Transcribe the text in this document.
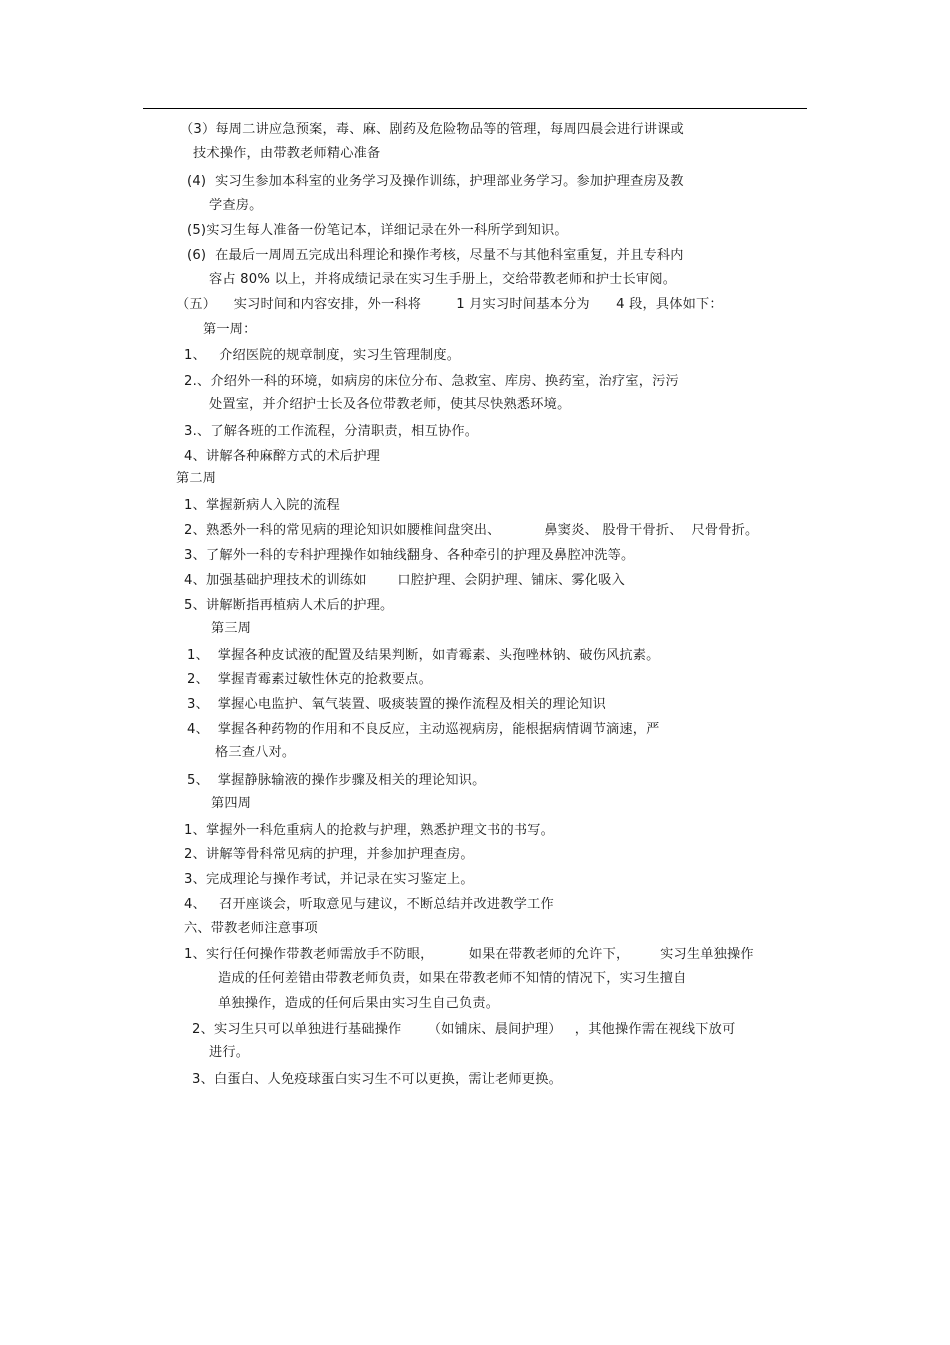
（3）每周二讲应急预案，毒、麻、剧药及危险物品等的管理，每周四晨会进行讲课或
技术操作，由带教老师精心准备
(4)  实习生参加本科室的业务学习及操作训练，护理部业务学习。参加护理查房及教
学查房。
(5)实习生每人准备一份笔记本，详细记录在外一科所学到知识。
(6)  在最后一周周五完成出科理论和操作考核，尽量不与其他科室重复，并且专科内
容占 80% 以上，并将成绩记录在实习生手册上，交给带教老师和护士长审阅。
（五）    实习时间和内容安排，外一科将        1 月实习时间基本分为      4 段，具体如下：
第一周：
1、   介绍医院的规章制度，实习生管理制度。
2.、介绍外一科的环境，如病房的床位分布、急救室、库房、换药室，治疗室，污污
处置室，并介绍护士长及各位带教老师，使其尽快熟悉环境。
3.、了解各班的工作流程，分清职责，相互协作。
4、讲解各种麻醉方式的术后护理
第二周
1、掌握新病人入院的流程
2、熟悉外一科的常见病的理论知识如腰椎间盘突出、          鼻窦炎、 股骨干骨折、  尺骨骨折。
3、了解外一科的专科护理操作如轴线翻身、各种牵引的护理及鼻腔冲洗等。
4、加强基础护理技术的训练如       口腔护理、会阴护理、铺床、雾化吸入
5、讲解断指再植病人术后的护理。
第三周
1、  掌握各种皮试液的配置及结果判断，如青霉素、头孢唑林钠、破伤风抗素。
2、  掌握青霉素过敏性休克的抢救要点。
3、  掌握心电监护、氧气装置、吸痰装置的操作流程及相关的理论知识
4、  掌握各种药物的作用和不良反应，主动巡视病房，能根据病情调节滴速，严
格三查八对。
5、  掌握静脉输液的操作步骤及相关的理论知识。
第四周
1、掌握外一科危重病人的抢救与护理，熟悉护理文书的书写。
2、讲解等骨科常见病的护理，并参加护理查房。
3、完成理论与操作考试，并记录在实习鉴定上。
4、   召开座谈会，听取意见与建议，不断总结并改进教学工作
六、带教老师注意事项
1、实行任何操作带教老师需放手不防眼，        如果在带教老师的允许下，       实习生单独操作
造成的任何差错由带教老师负责，如果在带教老师不知情的情况下，实习生擅自
单独操作，造成的任何后果由实习生自己负责。
2、实习生只可以单独进行基础操作      （如铺床、晨间护理）   ，其他操作需在视线下放可
进行。
3、白蛋白、人免疫球蛋白实习生不可以更换，需让老师更换。
